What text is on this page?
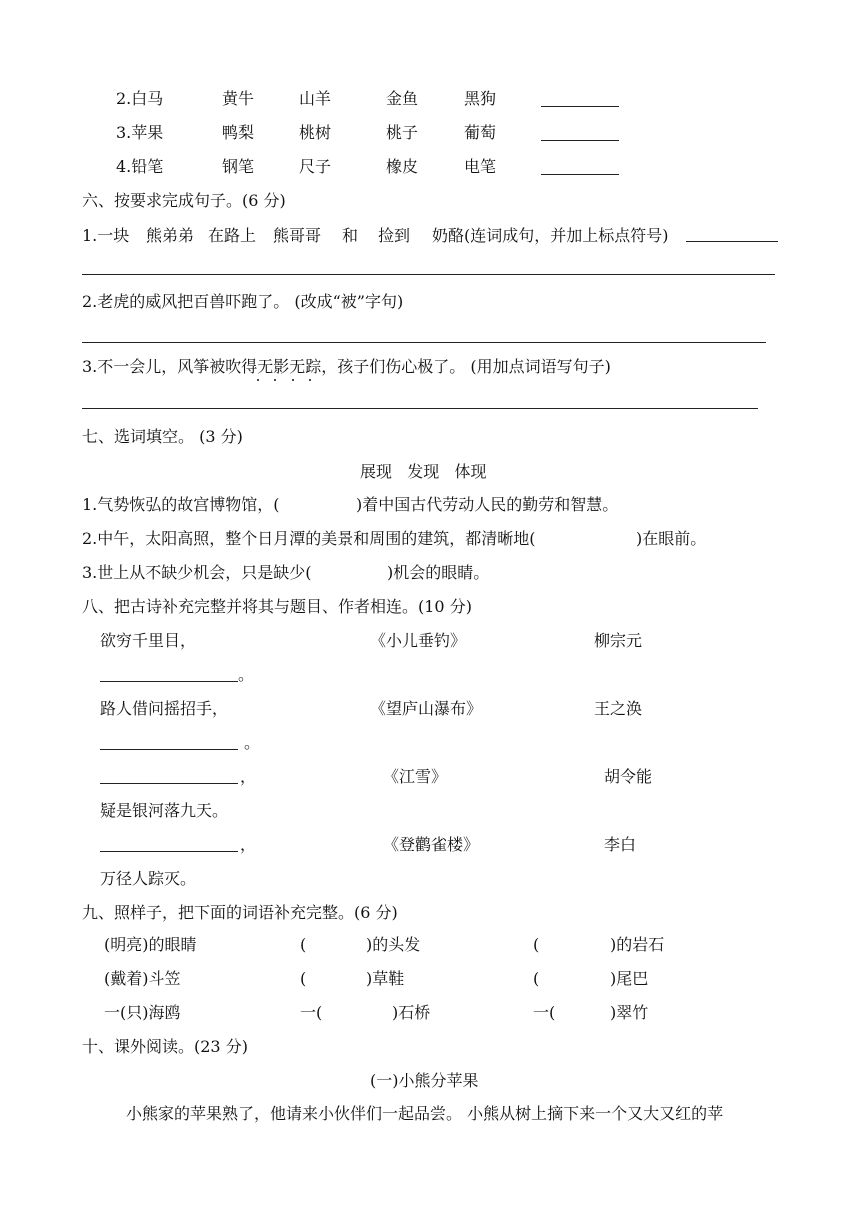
2.白马	黄牛	山羊	金鱼	黑狗
3.苹果	鸭梨	桃树	桃子	葡萄
4.铅笔	钢笔	尺子	橡皮	电笔
六、按要求完成句子。(6 分)
1.一块 熊弟弟 在路上 熊哥哥 和 捡到 奶酪(连词成句，并加上标点符号)
2.老虎的威风把百兽吓跑了。 (改成“被”字句)
3.不一会儿，风筝被吹得无影无踪，孩子们伤心极了。 (用加点词语写句子)
七、选词填空。 (3 分)
展现   发现   体现
1.气势恢弘的故宫博物馆，(	)着中国古代劳动人民的勤劳和智慧。
2.中午，太阳高照，整个日月潭的美景和周围的建筑，都清晰地(	)在眼前。
3.世上从不缺少机会，只是缺少(	)机会的眼睛。
八、把古诗补充完整并将其与题目、作者相连。(10 分)
欲穷千里目，	《小儿垂钓》	柳宗元
。
路人借问摇招手，	《望庐山瀑布》	王之涣
。
，	《江雪》	胡令能
疑是银河落九天。
，	《登鹳雀楼》	李白
万径人踪灭。
九、照样子，把下面的词语补充完整。(6 分)
(明亮)的眼睛	(	)的头发	(	)的岩石
(戴着)斗笠	(	)草鞋	(	)尾巴
一(只)海鸥	一(	)石桥	一(	)翠竹
十、课外阅读。(23 分)
(一)小熊分苹果
小熊家的苹果熟了，他请来小伙伴们一起品尝。 小熊从树上摘下来一个又大又红的苹
